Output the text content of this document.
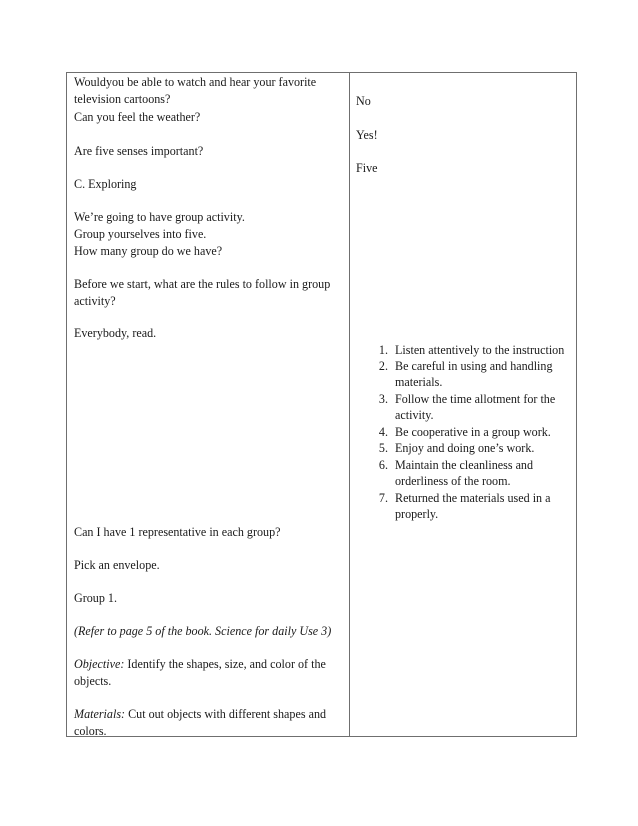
Wouldyou be able to watch and hear your favorite
television cartoons?
Can you feel the weather?
Are five senses important?
C. Exploring
We’re going to have group activity.
Group yourselves into five.
How many group do we have?
Before we start, what are the rules to follow in group
activity?
Everybody, read.
Can I have 1 representative in each group?
Pick an envelope.
Group 1.
(Refer to page 5 of the book. Science for daily Use 3)
Objective: Identify the shapes, size, and color of the
objects.
Materials: Cut out objects with different shapes and
colors.
No
Yes!
Five
1. Listen attentively to the instruction
2. Be careful in using and handling
materials.
3. Follow the time allotment for the
activity.
4. Be cooperative in a group work.
5. Enjoy and doing one’s work.
6. Maintain the cleanliness and
orderliness of the room.
7. Returned the materials used in a
properly.
